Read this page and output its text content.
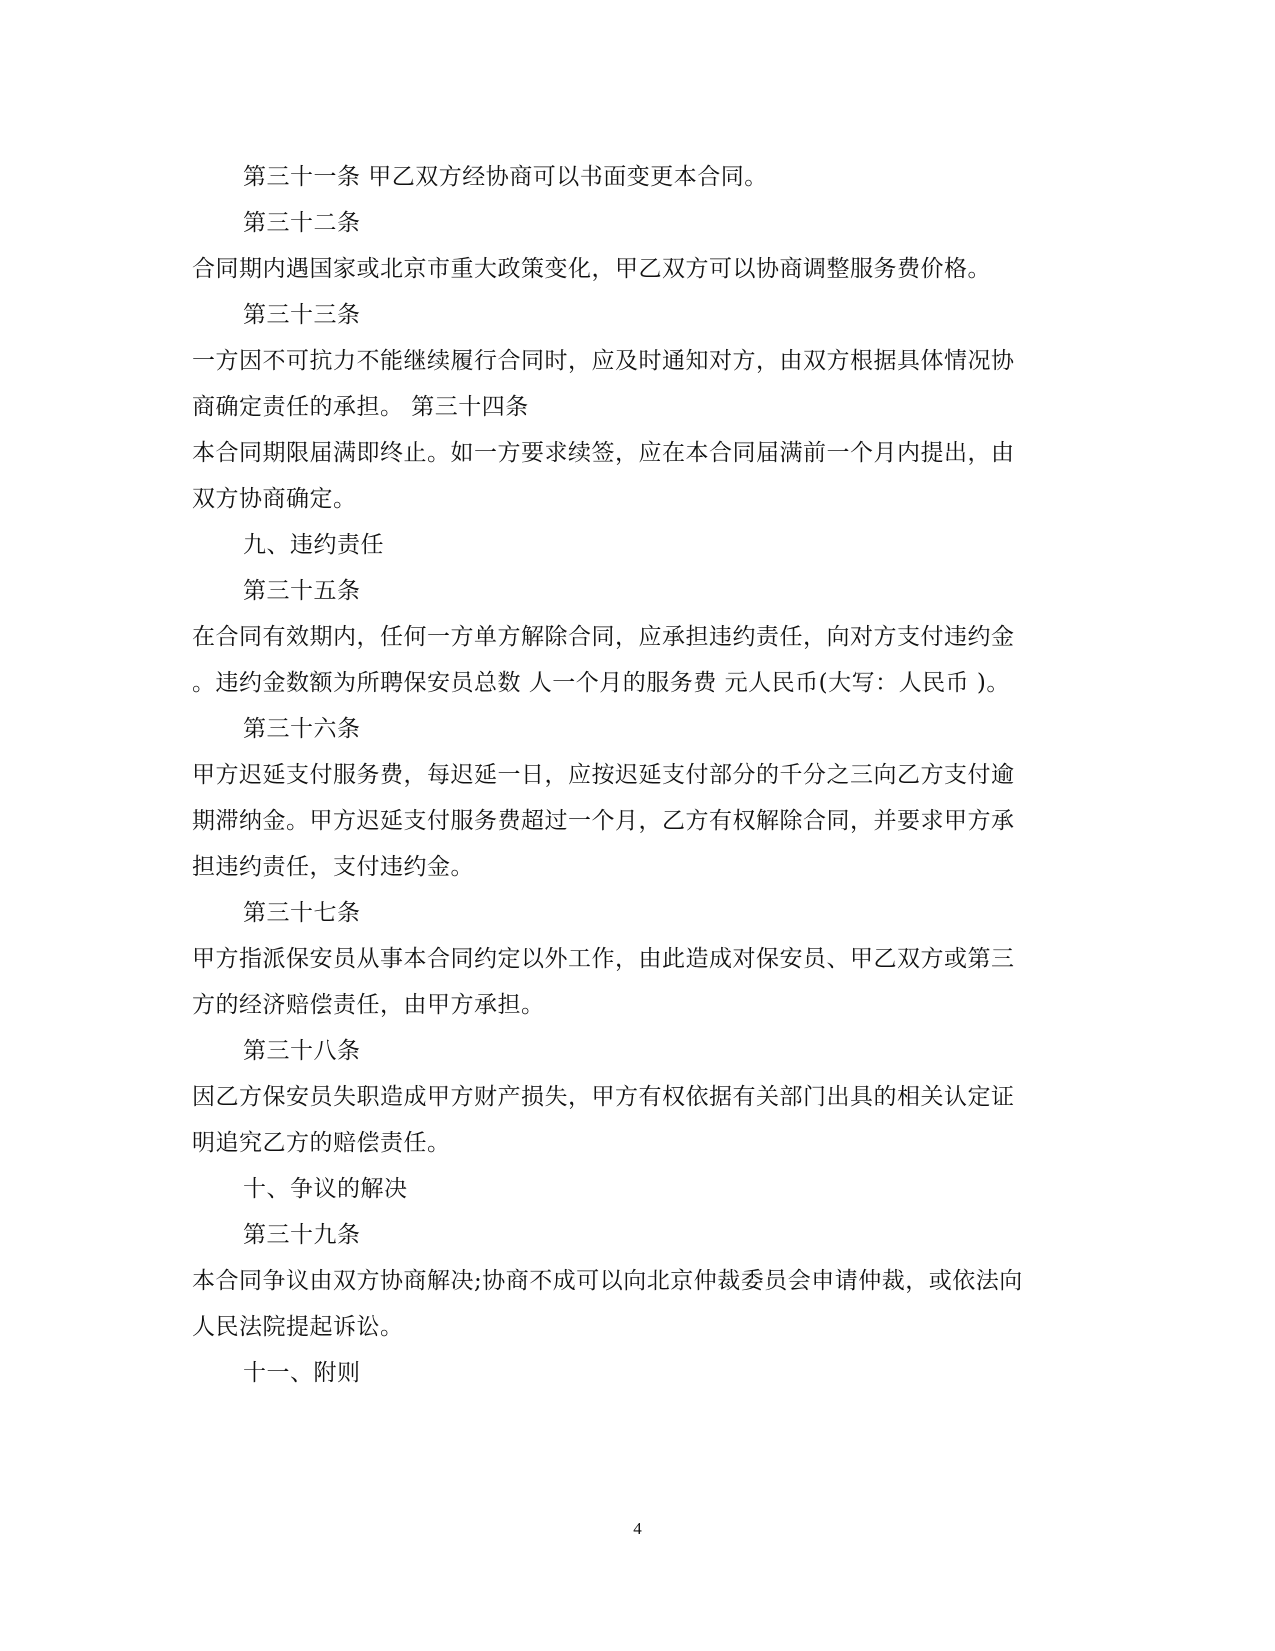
第三十一条 甲乙双方经协商可以书面变更本合同。
第三十二条
合同期内遇国家或北京市重大政策变化，甲乙双方可以协商调整服务费价格。
第三十三条
一方因不可抗力不能继续履行合同时，应及时通知对方，由双方根据具体情况协
商确定责任的承担。 第三十四条
本合同期限届满即终止。如一方要求续签，应在本合同届满前一个月内提出，由
双方协商确定。
九、违约责任
第三十五条
在合同有效期内，任何一方单方解除合同，应承担违约责任，向对方支付违约金
。违约金数额为所聘保安员总数 人一个月的服务费 元人民币(大写：人民币 )。
第三十六条
甲方迟延支付服务费，每迟延一日，应按迟延支付部分的千分之三向乙方支付逾
期滞纳金。甲方迟延支付服务费超过一个月，乙方有权解除合同，并要求甲方承
担违约责任，支付违约金。
第三十七条
甲方指派保安员从事本合同约定以外工作，由此造成对保安员、甲乙双方或第三
方的经济赔偿责任，由甲方承担。
第三十八条
因乙方保安员失职造成甲方财产损失，甲方有权依据有关部门出具的相关认定证
明追究乙方的赔偿责任。
十、争议的解决
第三十九条
本合同争议由双方协商解决;协商不成可以向北京仲裁委员会申请仲裁，或依法向
人民法院提起诉讼。
十一、附则
4
